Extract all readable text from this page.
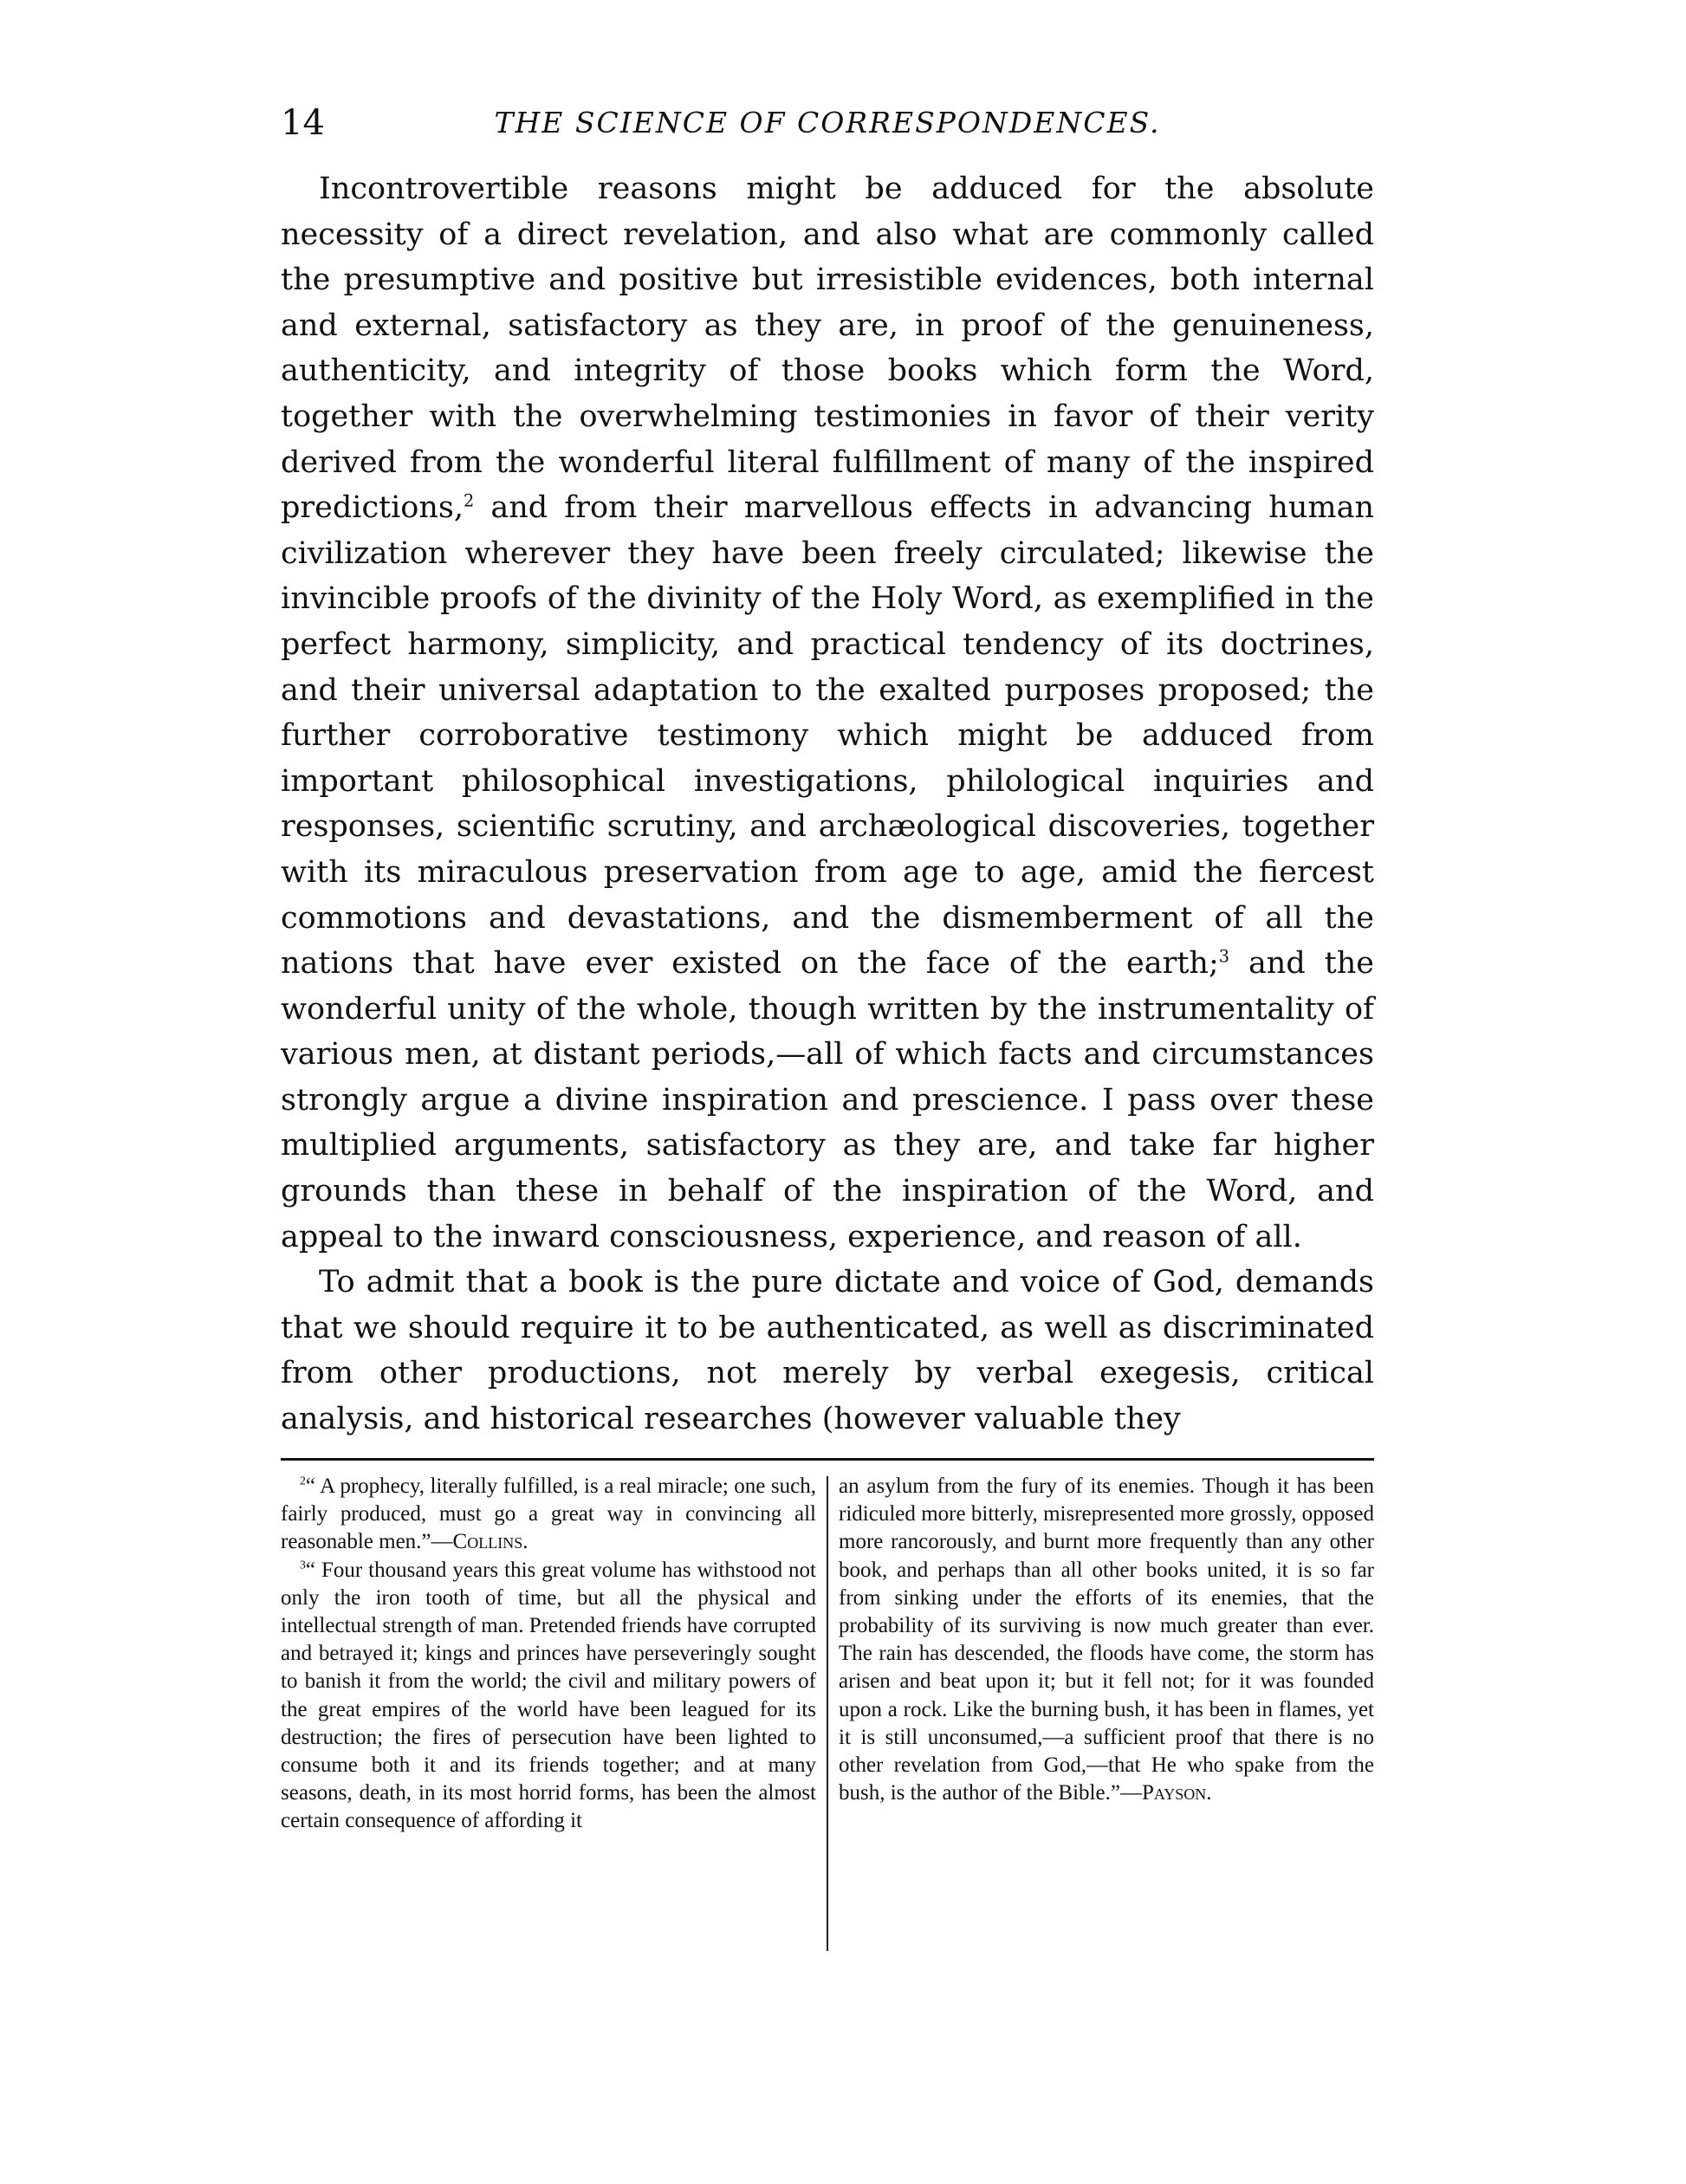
14	THE SCIENCE OF CORRESPONDENCES.

Incontrovertible reasons might be adduced for the absolute necessity of a direct revelation, and also what are commonly called the presumptive and positive but irresistible evidences, both internal and external, satisfactory as they are, in proof of the genuineness, authenticity, and integrity of those books which form the Word, together with the overwhelming testimonies in favor of their verity derived from the wonderful literal fulfillment of many of the inspired predictions,$^2$ and from their marvellous effects in advancing human civilization wherever they have been freely circulated; likewise the invincible proofs of the divinity of the Holy Word, as exemplified in the perfect harmony, simplicity, and practical tendency of its doctrines, and their universal adaptation to the exalted purposes proposed; the further corroborative testimony which might be adduced from important philosophical investigations, philological inquiries and responses, scientific scrutiny, and archæological discoveries, together with its miraculous preservation from age to age, amid the fiercest commotions and devastations, and the dismemberment of all the nations that have ever existed on the face of the earth;$^3$ and the wonderful unity of the whole, though written by the instrumentality of various men, at distant periods,—all of which facts and circumstances strongly argue a divine inspiration and prescience. I pass over these multiplied arguments, satisfactory as they are, and take far higher grounds than these in behalf of the inspiration of the Word, and appeal to the inward consciousness, experience, and reason of all.

To admit that a book is the pure dictate and voice of God, demands that we should require it to be authenticated, as well as discriminated from other productions, not merely by verbal exegesis, critical analysis, and historical researches (however valuable they

$^2$“ A prophecy, literally fulfilled, is a real miracle; one such, fairly produced, must go a great way in convincing all reasonable men.”—Collins.

$^3$“ Four thousand years this great volume has withstood not only the iron tooth of time, but all the physical and intellectual strength of man. Pretended friends have corrupted and betrayed it; kings and princes have perseveringly sought to banish it from the world; the civil and military powers of the great empires of the world have been leagued for its destruction; the fires of persecution have been lighted to consume both it and its friends together; and at many seasons, death, in its most horrid forms, has been the almost certain consequence of affording it

an asylum from the fury of its enemies. Though it has been ridiculed more bitterly, misrepresented more grossly, opposed more rancorously, and burnt more frequently than any other book, and perhaps than all other books united, it is so far from sinking under the efforts of its enemies, that the probability of its surviving is now much greater than ever. The rain has descended, the floods have come, the storm has arisen and beat upon it; but it fell not; for it was founded upon a rock. Like the burning bush, it has been in flames, yet it is still unconsumed,—a sufficient proof that there is no other revelation from God,—that He who spake from the bush, is the author of the Bible.”—Payson.
